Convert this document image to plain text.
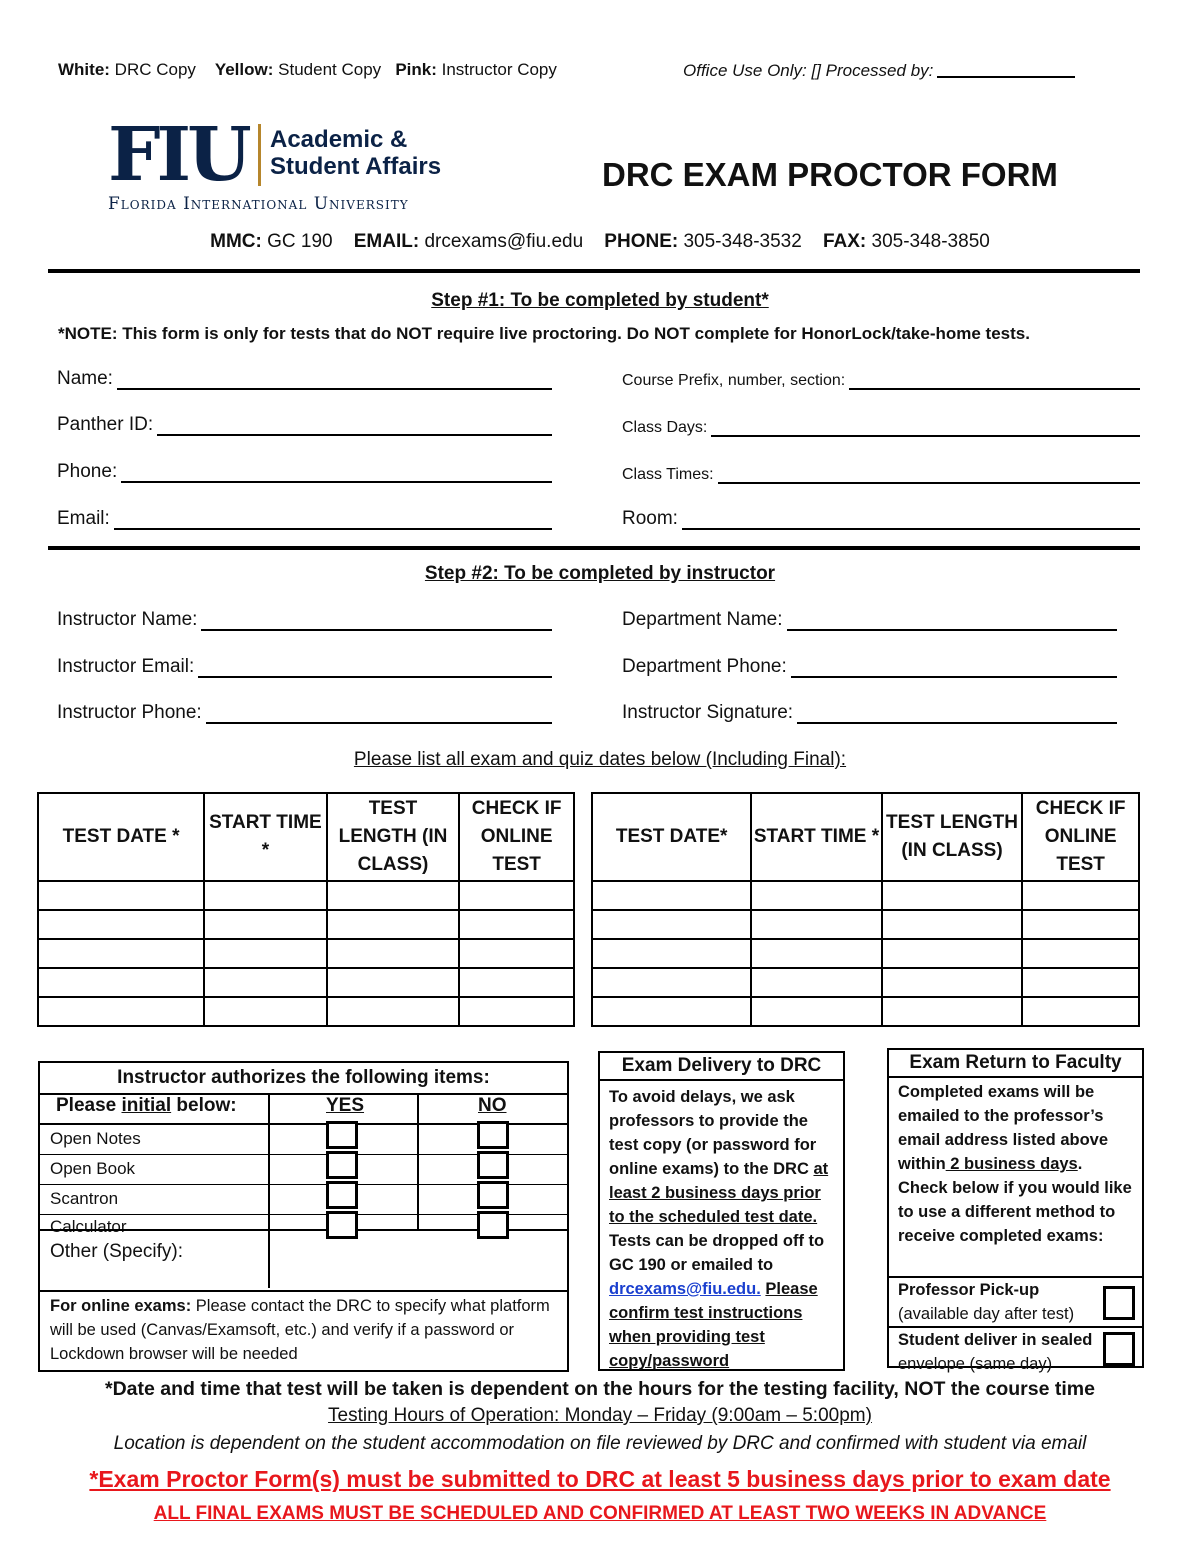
White: DRC Copy Yellow: Student Copy Pink: Instructor Copy	Office Use Only: [] Processed by:
FIU Academic &
Student Affairs
Florida International University
DRC EXAM PROCTOR FORM
MMC: GC 190 EMAIL: drcexams@fiu.edu PHONE: 305-348-3532 FAX: 305-348-3850
Step #1: To be completed by student*
*NOTE: This form is only for tests that do NOT require live proctoring. Do NOT complete for HonorLock/take-home tests.
Name:
Panther ID:
Phone:
Email:
Course Prefix, number, section:
Class Days:
Class Times:
Room:
Step #2: To be completed by instructor
Instructor Name:
Instructor Email:
Instructor Phone:
Department Name:
Department Phone:
Instructor Signature:
Please list all exam and quiz dates below (Including Final):
TEST DATE *	START TIME *	TEST LENGTH (IN CLASS)	CHECK IF ONLINE TEST

TEST DATE*	START TIME *	TEST LENGTH (IN CLASS)	CHECK IF ONLINE TEST

Instructor authorizes the following items:
Please initial below:	YES	NO
Open Notes
Open Book
Scantron
Calculator
Other (Specify):
For online exams: Please contact the DRC to specify what platform will be used (Canvas/Examsoft, etc.) and verify if a password or Lockdown browser will be needed
Exam Delivery to DRC
To avoid delays, we ask professors to provide the test copy (or password for online exams) to the DRC at least 2 business days prior to the scheduled test date. Tests can be dropped off to GC 190 or emailed to drcexams@fiu.edu. Please confirm test instructions when providing test copy/password
Exam Return to Faculty
Completed exams will be emailed to the professor’s email address listed above within 2 business days. Check below if you would like to use a different method to receive completed exams:
Professor Pick-up
(available day after test)
Student deliver in sealed
envelope (same day)
*Date and time that test will be taken is dependent on the hours for the testing facility, NOT the course time
Testing Hours of Operation: Monday – Friday (9:00am – 5:00pm)
Location is dependent on the student accommodation on file reviewed by DRC and confirmed with student via email
*Exam Proctor Form(s) must be submitted to DRC at least 5 business days prior to exam date
ALL FINAL EXAMS MUST BE SCHEDULED AND CONFIRMED AT LEAST TWO WEEKS IN ADVANCE
